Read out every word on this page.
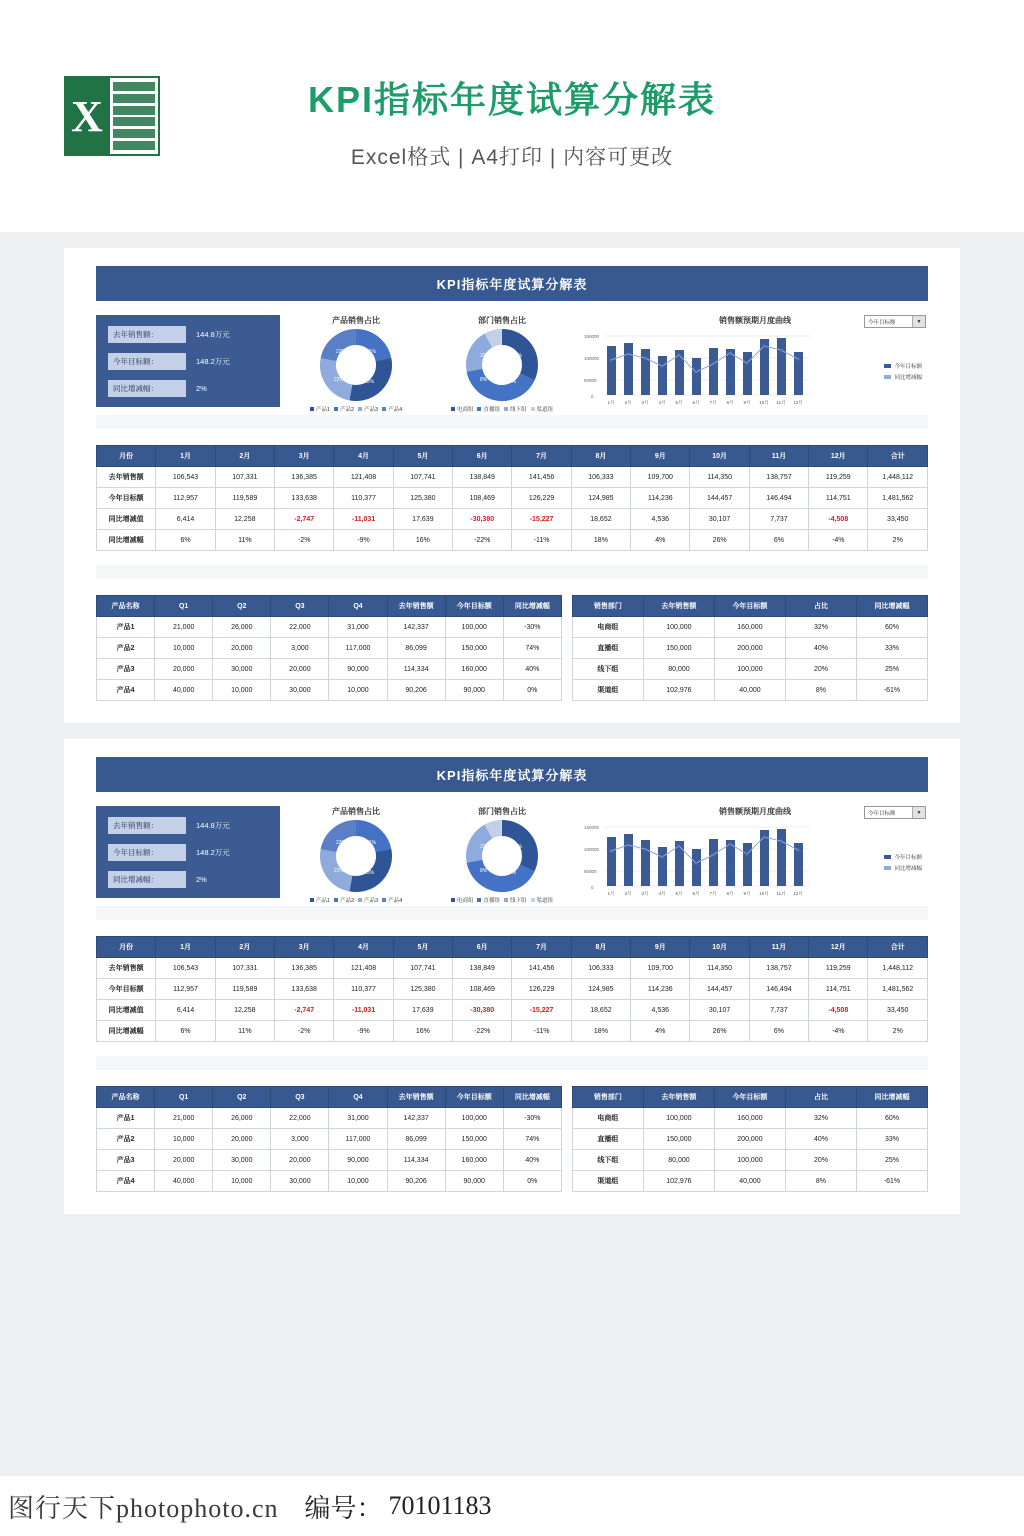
X	KPI指标年度试算分解表
Excel格式 | A4打印 | 内容可更改
KPI指标年度试算分解表
去年销售额：	144.8万元
今年目标额：	148.2万元
同比增减幅：	2%
产品销售占比
22%	31%
25%
22%
产品1 产品2 产品3 产品4
部门销售占比
32%	40%
20%
8%
电商组 直播组 线下组 渠道组
销售额预期月度曲线	今年目标额	▼
150000
100000
50000
0
1月 2月 3月 4月 5月 6月 7月 8月 9月 10月 11月 12月
今年目标额
同比增减幅
月份	1月	2月	3月	4月	5月	6月	7月	8月	9月	10月	11月	12月	合计
去年销售额	106,543	107,331	136,385	121,408	107,741	138,849	141,456	106,333	109,700	114,350	138,757	119,259	1,448,112
今年目标额	112,957	119,589	133,638	110,377	125,380	108,469	126,229	124,985	114,236	144,457	146,494	114,751	1,481,562
同比增减值	6,414	12,258	-2,747	-11,031	17,639	-30,380	-15,227	18,652	4,536	30,107	7,737	-4,508	33,450
同比增减幅	6%	11%	-2%	-9%	16%	-22%	-11%	18%	4%	26%	6%	-4%	2%
产品名称	Q1	Q2	Q3	Q4	去年销售额	今年目标额	同比增减幅
产品1	21,000	26,000	22,000	31,000	142,337	100,000	-30%
产品2	10,000	20,000	3,000	117,000	86,099	150,000	74%
产品3	20,000	30,000	20,000	90,000	114,334	160,000	40%
产品4	40,000	10,000	30,000	10,000	90,206	90,000	0%
销售部门	去年销售额	今年目标额	占比	同比增减幅
电商组	100,000	160,000	32%	60%
直播组	150,000	200,000	40%	33%
线下组	80,000	100,000	20%	25%
渠道组	102,976	40,000	8%	-61%
KPI指标年度试算分解表
去年销售额：	144.8万元
今年目标额：	148.2万元
同比增减幅：	2%
产品销售占比
22%	31%
25%
22%
产品1 产品2 产品3 产品4
部门销售占比
32%	40%
20%
8%
电商组 直播组 线下组 渠道组
销售额预期月度曲线	今年目标额	▼
150000
100000
50000
0
1月 2月 3月 4月 5月 6月 7月 8月 9月 10月 11月 12月
今年目标额
同比增减幅
月份	1月	2月	3月	4月	5月	6月	7月	8月	9月	10月	11月	12月	合计
去年销售额	106,543	107,331	136,385	121,408	107,741	138,849	141,456	106,333	109,700	114,350	138,757	119,259	1,448,112
今年目标额	112,957	119,589	133,638	110,377	125,380	108,469	126,229	124,985	114,236	144,457	146,494	114,751	1,481,562
同比增减值	6,414	12,258	-2,747	-11,031	17,639	-30,380	-15,227	18,652	4,536	30,107	7,737	-4,508	33,450
同比增减幅	6%	11%	-2%	-9%	16%	-22%	-11%	18%	4%	26%	6%	-4%	2%
产品名称	Q1	Q2	Q3	Q4	去年销售额	今年目标额	同比增减幅
产品1	21,000	26,000	22,000	31,000	142,337	100,000	-30%
产品2	10,000	20,000	3,000	117,000	86,099	150,000	74%
产品3	20,000	30,000	20,000	90,000	114,334	160,000	40%
产品4	40,000	10,000	30,000	10,000	90,206	90,000	0%
销售部门	去年销售额	今年目标额	占比	同比增减幅
电商组	100,000	160,000	32%	60%
直播组	150,000	200,000	40%	33%
线下组	80,000	100,000	20%	25%
渠道组	102,976	40,000	8%	-61%
图行天下photophoto.cn 编号： 70101183
